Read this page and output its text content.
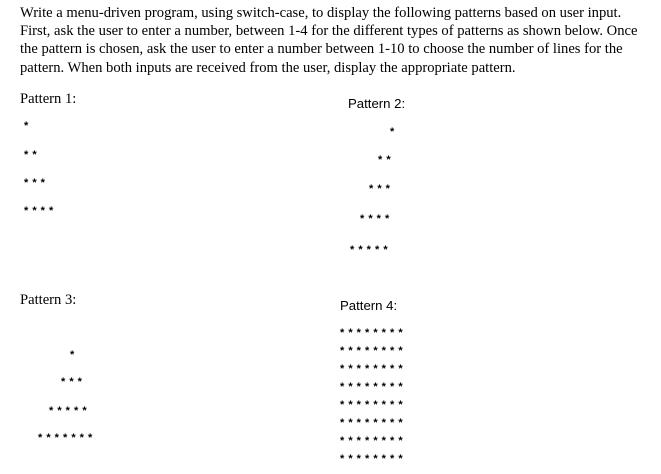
Write a menu-driven program, using switch-case, to display the following patterns based on user input.
First, ask the user to enter a number, between 1-4 for the different types of patterns as shown below. Once
the pattern is chosen, ask the user to enter a number between 1-10 to choose the number of lines for the
pattern. When both inputs are received from the user, display the appropriate pattern.
Pattern 1:
*
* *
* * *
* * * *
Pattern 2:
*
* *
* * *
* * * *
* * * * *
Pattern 3:
*
* * *
* * * * *
* * * * * * *
Pattern 4:
* * * * * * * *
* * * * * * * *
* * * * * * * *
* * * * * * * *
* * * * * * * *
* * * * * * * *
* * * * * * * *
* * * * * * * *
